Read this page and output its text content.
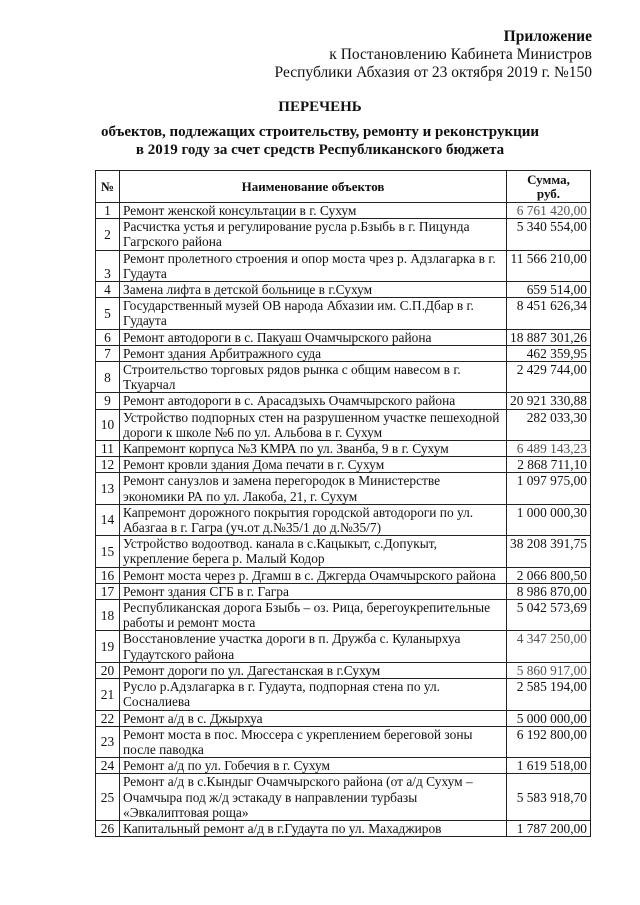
Приложение
к Постановлению Кабинета Министров
Республики Абхазия от 23 октября 2019 г. №150
ПЕРЕЧЕНЬ
объектов, подлежащих строительству, ремонту и реконструкции
в 2019 году за счет средств Республиканского бюджета
№	Наименование объектов	Сумма,
руб.
1	Ремонт женской консультации в г. Сухум	6 761 420,00
2	Расчистка устья и регулирование русла р.Бзыбь в г. Пицунда Гагрского района	5 340 554,00
3	Ремонт пролетного строения и опор моста чрез р. Адзлагарка в г. Гудаута	11 566 210,00
4	Замена лифта в детской больнице в г.Сухум	659 514,00
5	Государственный музей ОВ народа Абхазии им. С.П.Дбар в г. Гудаута	8 451 626,34
6	Ремонт автодороги в с. Пакуаш Очамчырского района	18 887 301,26
7	Ремонт здания Арбитражного суда	462 359,95
8	Строительство торговых рядов рынка с общим навесом в г. Ткуарчал	2 429 744,00
9	Ремонт автодороги в с. Арасадзыхь Очамчырского района	20 921 330,88
10	Устройство подпорных стен на разрушенном участке пешеходной дороги к школе №6 по ул. Альбова в г. Сухум	282 033,30
11	Капремонт корпуса №3 КМРА по ул. Званба, 9 в г. Сухум	6 489 143,23
12	Ремонт кровли здания Дома печати в г. Сухум	2 868 711,10
13	Ремонт санузлов и замена перегородок в Министерстве экономики РА по ул. Лакоба, 21, г. Сухум	1 097 975,00
14	Капремонт дорожного покрытия городской автодороги по ул. Абазгаа в г. Гагра (уч.от д.№35/1 до д.№35/7)	1 000 000,30
15	Устройство водоотвод. канала в с.Кацыкыт, с.Допукыт, укрепление берега р. Малый Кодор	38 208 391,75
16	Ремонт моста через р. Дгамш в с. Джгерда Очамчырского района	2 066 800,50
17	Ремонт здания СГБ в г. Гагра	8 986 870,00
18	Республиканская дорога Бзыбь – оз. Рица, берегоукрепительные работы и ремонт моста	5 042 573,69
19	Восстановление участка дороги в п. Дружба с. Куланырхуа Гудаутского района	4 347 250,00
20	Ремонт дороги по ул. Дагестанская в г.Сухум	5 860 917,00
21	Русло р.Адзлагарка в г. Гудаута, подпорная стена по ул. Сосналиева	2 585 194,00
22	Ремонт а/д в с. Джырхуа	5 000 000,00
23	Ремонт моста в пос. Мюссера с укреплением береговой зоны после паводка	6 192 800,00
24	Ремонт а/д по ул. Гобечия в г. Сухум	1 619 518,00
25	Ремонт а/д в с.Кындыг Очамчырского района (от а/д Сухум – Очамчыра под ж/д эстакаду в направлении турбазы «Эвкалиптовая роща»	5 583 918,70
26	Капитальный ремонт а/д в г.Гудаута по ул. Махаджиров	1 787 200,00
